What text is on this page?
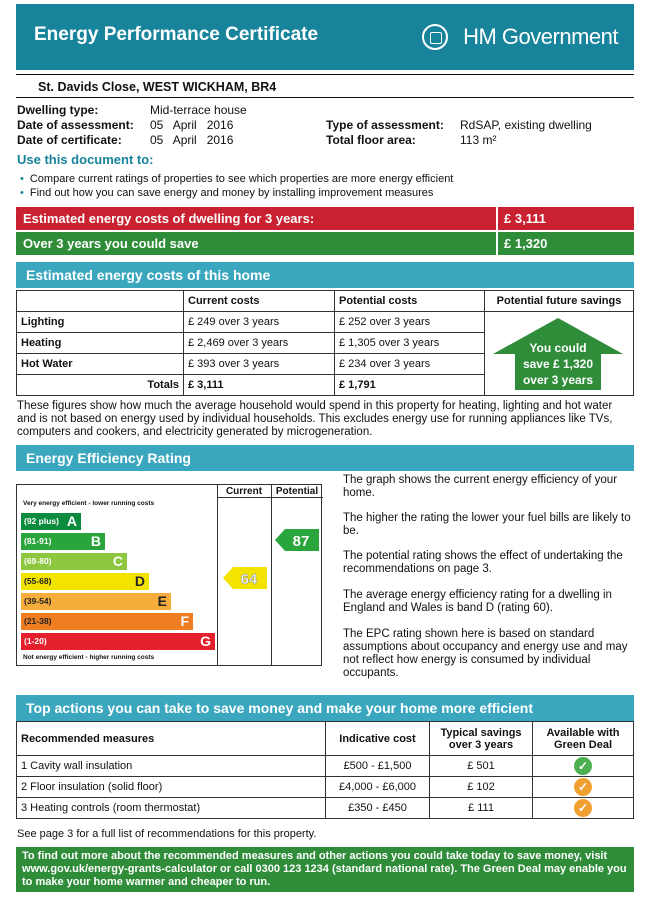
Energy Performance Certificate	HM Government
St. Davids Close, WEST WICKHAM, BR4
Dwelling type:	Mid-terrace house
Date of assessment: 05   April   2016
Date of certificate: 05   April   2016
Type of assessment: RdSAP, existing dwelling
Total floor area:	113 m²
Use this document to:
• Compare current ratings of properties to see which properties are more energy efficient
• Find out how you can save energy and money by installing improvement measures
Estimated energy costs of dwelling for 3 years:	£ 3,111
Over 3 years you could save	£ 1,320
Estimated energy costs of this home
	Current costs	Potential costs	Potential future savings
Lighting	£ 249 over 3 years	£ 252 over 3 years	
Heating	£ 2,469 over 3 years	£ 1,305 over 3 years	
Hot Water	£ 393 over 3 years	£ 234 over 3 years	
Totals	£ 3,111	£ 1,791	
You could
save £ 1,320
over 3 years
These figures show how much the average household would spend in this property for heating, lighting and hot water and is not based on energy used by individual households. This excludes energy use for running appliances like TVs, computers and cookers, and electricity generated by microgeneration.
Energy Efficiency Rating
Current	Potential
Very energy efficient - lower running costs
(92 plus) A
(81-91)	B
(69-80)	C
(55-68)	D
(39-54)	E
(21-38)	F
(1-20)	G
Not energy efficient - higher running costs
64
87
The graph shows the current energy efficiency of your home.
The higher the rating the lower your fuel bills are likely to be.
The potential rating shows the effect of undertaking the recommendations on page 3.
The average energy efficiency rating for a dwelling in England and Wales is band D (rating 60).
The EPC rating shown here is based on standard assumptions about occupancy and energy use and may not reflect how energy is consumed by individual occupants.
Top actions you can take to save money and make your home more efficient
Recommended measures	Indicative cost	Typical savings
over 3 years	Available with
Green Deal
1 Cavity wall insulation	£500 - £1,500	£ 501	✓
2 Floor insulation (solid floor)	£4,000 - £6,000	£ 102	✓
3 Heating controls (room thermostat)	£350 - £450	£ 111	✓
See page 3 for a full list of recommendations for this property.
To find out more about the recommended measures and other actions you could take today to save money, visit www.gov.uk/energy-grants-calculator or call 0300 123 1234 (standard national rate). The Green Deal may enable you to make your home warmer and cheaper to run.
